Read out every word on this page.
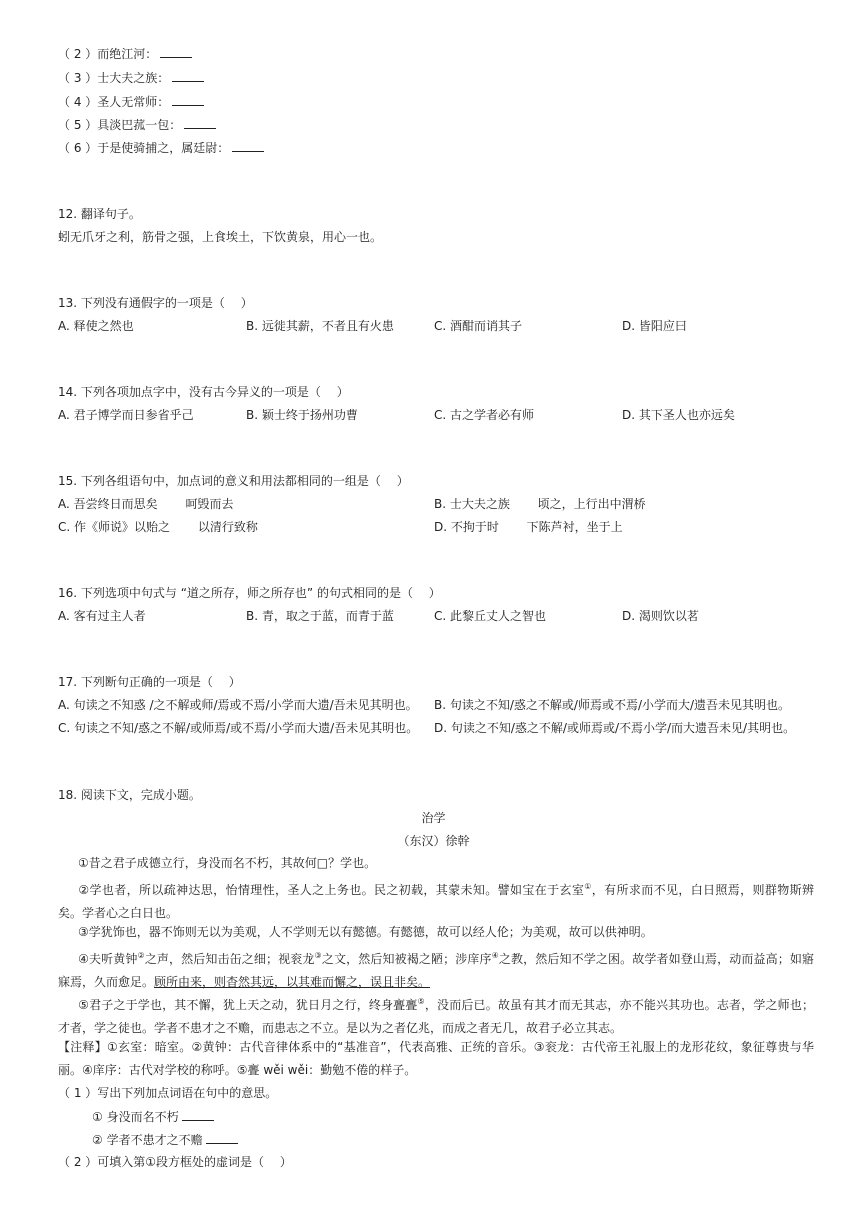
（ 2 ）而绝江河：
（ 3 ）士大夫之族：
（ 4 ）圣人无常师：
（ 5 ）具淡巴菰一包：
（ 6 ）于是使骑捕之，属廷尉：
12. 翻译句子。
蚓无爪牙之利，筋骨之强，上食埃土，下饮黄泉，用心一也。
13. 下列没有通假字的一项是（　 ）
A. 释使之然也	B. 远徙其薪，不者且有火患	C. 酒酣而诮其子	D. 皆阳应曰
14. 下列各项加点字中，没有古今异义的一项是（　 ）
A. 君子博学而日参省乎己	B. 颖士终于扬州功曹	C. 古之学者必有师	D. 其下圣人也亦远矣
15. 下列各组语句中，加点词的意义和用法都相同的一组是（　 ）
A. 吾尝终日而思矣　　 呵毁而去	B. 士大夫之族　　 顷之，上行出中渭桥
C. 作《师说》以贻之　　 以清行致称	D. 不拘于时　　 下陈芦衬，坐于上
16. 下列选项中句式与 “道之所存，师之所存也” 的句式相同的是（　 ）
A. 客有过主人者	B. 青，取之于蓝，而青于蓝	C. 此黎丘丈人之智也	D. 渴则饮以茗
17. 下列断句正确的一项是（　 ）
A. 句读之不知惑 /之不解或师/焉或不焉/小学而大遗/吾未见其明也。 B. 句读之不知/惑之不解或/师焉或不焉/小学而大/遗吾未见其明也。
C. 句读之不知/惑之不解/或师焉/或不焉/小学而大遗/吾未见其明也。 D. 句读之不知/惑之不解/或师焉或/不焉小学/而大遗吾未见/其明也。
18. 阅读下文，完成小题。
治学
（东汉）徐幹
①昔之君子成德立行，身没而名不朽，其故何□？学也。
②学也者，所以疏神达思，怡情理性，圣人之上务也。民之初载，其蒙未知。譬如宝在于玄室①，有所求而不见，白日照焉，则群物斯辨矣。学者心之白日也。
③学犹饰也，器不饰则无以为美观，人不学则无以有懿德。有懿德，故可以经人伦；为美观，故可以供神明。
④夫听黄钟②之声，然后知击缶之细；视衮龙③之文，然后知被褐之陋；涉庠序④之教，然后知不学之困。故学者如登山焉，动而益高；如寤寐焉，久而愈足。顾所由来，则杳然其远，以其难而懈之，误且非矣。
⑤君子之于学也，其不懈，犹上天之动，犹日月之行，终身亹亹⑤，没而后已。故虽有其才而无其志，亦不能兴其功也。志者，学之师也；才者，学之徒也。学者不患才之不赡，而患志之不立。是以为之者亿兆，而成之者无几，故君子必立其志。
【注释】①玄室：暗室。②黄钟：古代音律体系中的“基准音”，代表高雅、正统的音乐。③衮龙：古代帝王礼服上的龙形花纹，象征尊贵与华丽。④庠序：古代对学校的称呼。⑤亹 wěi wěi：勤勉不倦的样子。
（ 1 ）写出下列加点词语在句中的意思。
① 身没而名不朽
② 学者不患才之不赡
（ 2 ）可填入第①段方框处的虚词是（　 ）
